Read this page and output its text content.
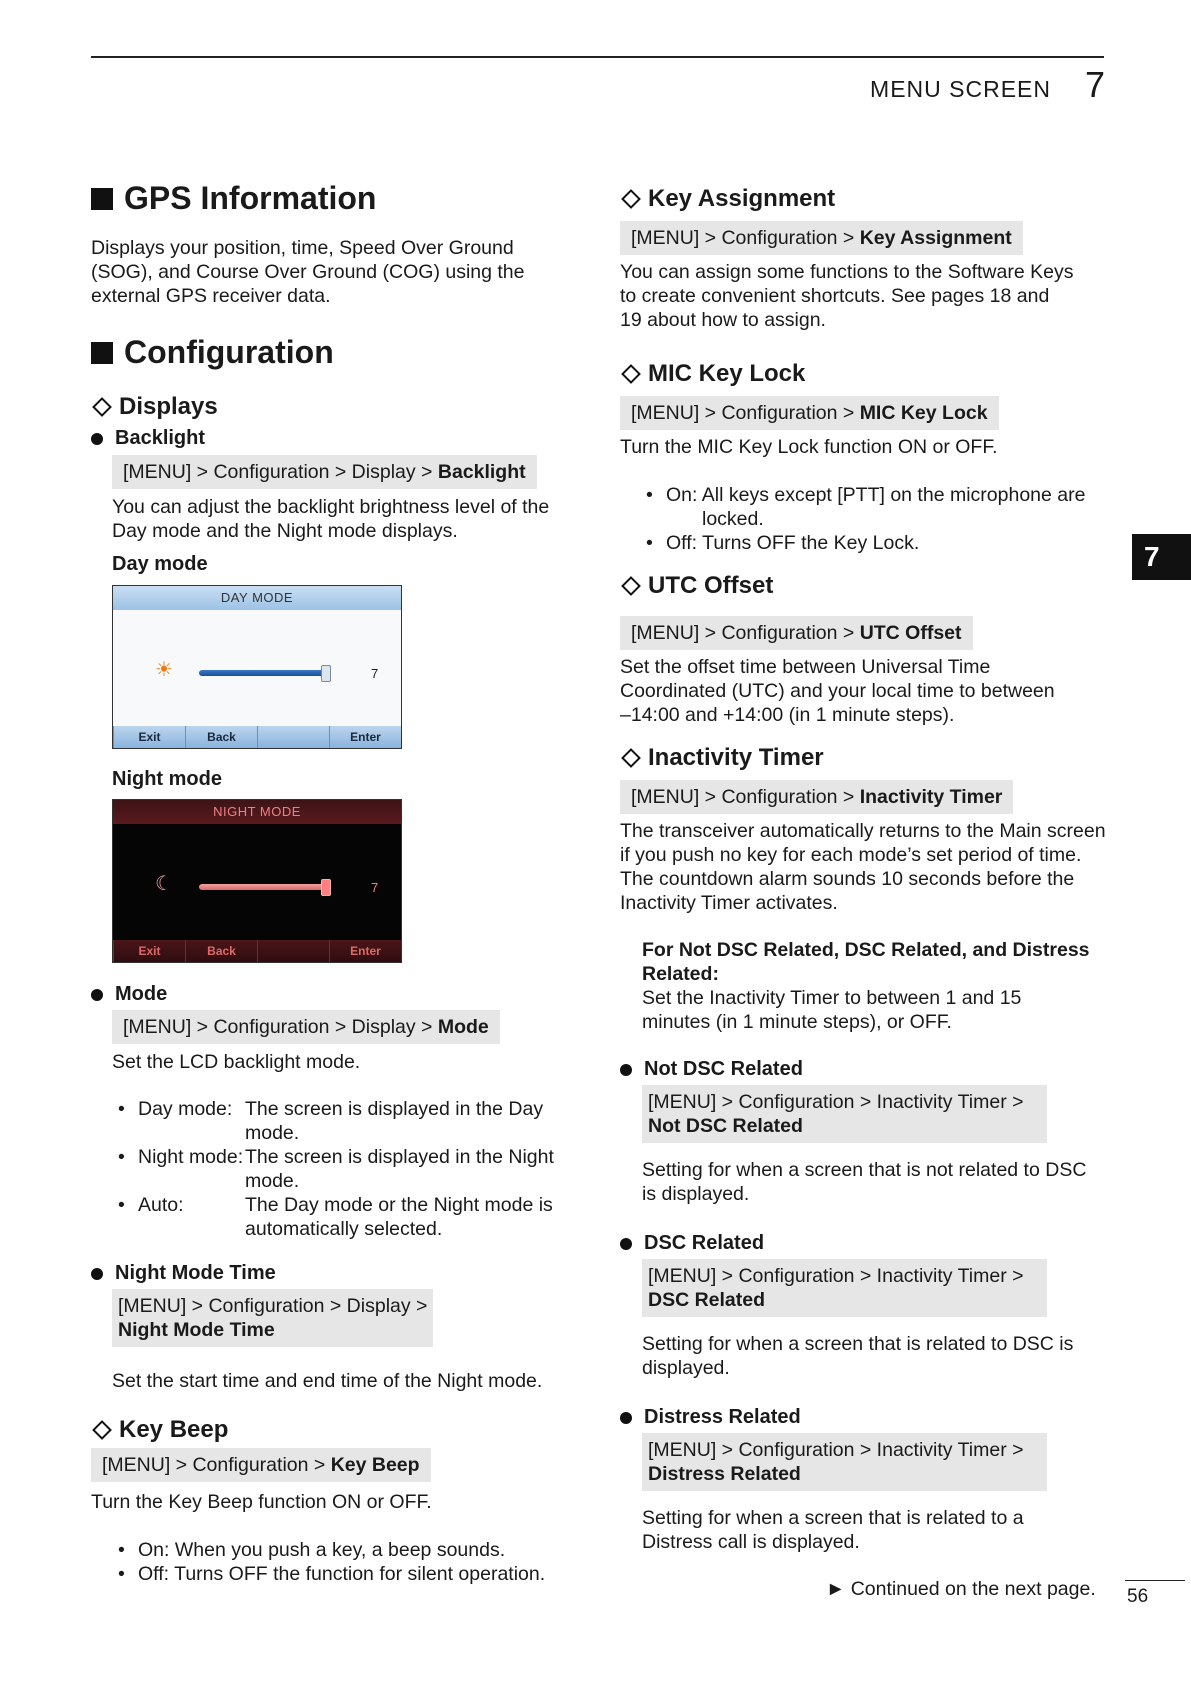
MENU SCREEN 7
7
GPS Information
Displays your position, time, Speed Over Ground
(SOG), and Course Over Ground (COG) using the
external GPS receiver data.
Configuration
Displays
Backlight
[MENU] > Configuration > Display > Backlight
You can adjust the backlight brightness level of the
Day mode and the Night mode displays.
Day mode
DAY MODE
☀	7
Exit	Back	Enter
Night mode
NIGHT MODE
☾	7
Exit	Back	Enter
Mode
[MENU] > Configuration > Display > Mode
Set the LCD backlight mode.
• Day mode: The screen is displayed in the Day
mode.
• Night mode: The screen is displayed in the Night
mode.
• Auto:	The Day mode or the Night mode is
automatically selected.
Night Mode Time
[MENU] > Configuration > Display >
Night Mode Time
Set the start time and end time of the Night mode.
Key Beep
[MENU] > Configuration > Key Beep
Turn the Key Beep function ON or OFF.
• On: When you push a key, a beep sounds.
• Off: Turns OFF the function for silent operation.
Key Assignment
[MENU] > Configuration > Key Assignment
You can assign some functions to the Software Keys
to create convenient shortcuts. See pages 18 and
19 about how to assign.
MIC Key Lock
[MENU] > Configuration > MIC Key Lock
Turn the MIC Key Lock function ON or OFF.
• On: All keys except [PTT] on the microphone are
locked.
• Off: Turns OFF the Key Lock.
UTC Offset
[MENU] > Configuration > UTC Offset
Set the offset time between Universal Time
Coordinated (UTC) and your local time to between
–14:00 and +14:00 (in 1 minute steps).
Inactivity Timer
[MENU] > Configuration > Inactivity Timer
The transceiver automatically returns to the Main screen
if you push no key for each mode’s set period of time.
The countdown alarm sounds 10 seconds before the
Inactivity Timer activates.
For Not DSC Related, DSC Related, and Distress
Related:
Set the Inactivity Timer to between 1 and 15
minutes (in 1 minute steps), or OFF.
Not DSC Related
[MENU] > Configuration > Inactivity Timer >
Not DSC Related
Setting for when a screen that is not related to DSC
is displayed.
DSC Related
[MENU] > Configuration > Inactivity Timer >
DSC Related
Setting for when a screen that is related to DSC is
displayed.
Distress Related
[MENU] > Configuration > Inactivity Timer >
Distress Related
Setting for when a screen that is related to a
Distress call is displayed.
► Continued on the next page. 56
